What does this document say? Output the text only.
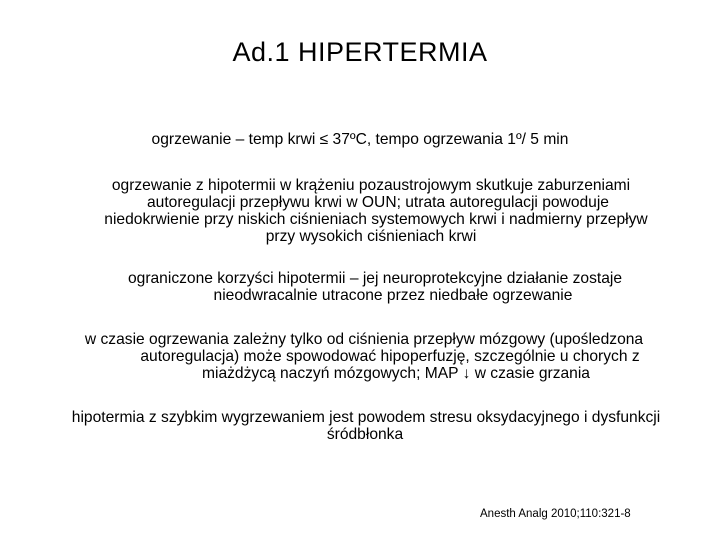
Ad.1 HIPERTERMIA
ogrzewanie – temp krwi ≤ 37ºC, tempo ogrzewania 1º/ 5 min
ogrzewanie z hipotermii w krążeniu pozaustrojowym skutkuje zaburzeniami
autoregulacji przepływu krwi w OUN; utrata autoregulacji powoduje
niedokrwienie przy niskich ciśnieniach systemowych krwi i nadmierny przepływ
przy wysokich ciśnieniach krwi
ograniczone korzyści hipotermii – jej neuroprotekcyjne działanie zostaje
nieodwracalnie utracone przez niedbałe ogrzewanie
w czasie ogrzewania zależny tylko od ciśnienia przepływ mózgowy (upośledzona
autoregulacja) może spowodować hipoperfuzję, szczególnie u chorych z
miażdżycą naczyń mózgowych; MAP ↓ w czasie grzania
hipotermia z szybkim wygrzewaniem jest powodem stresu oksydacyjnego i dysfunkcji
śródbłonka
Anesth Analg 2010;110:321-8
